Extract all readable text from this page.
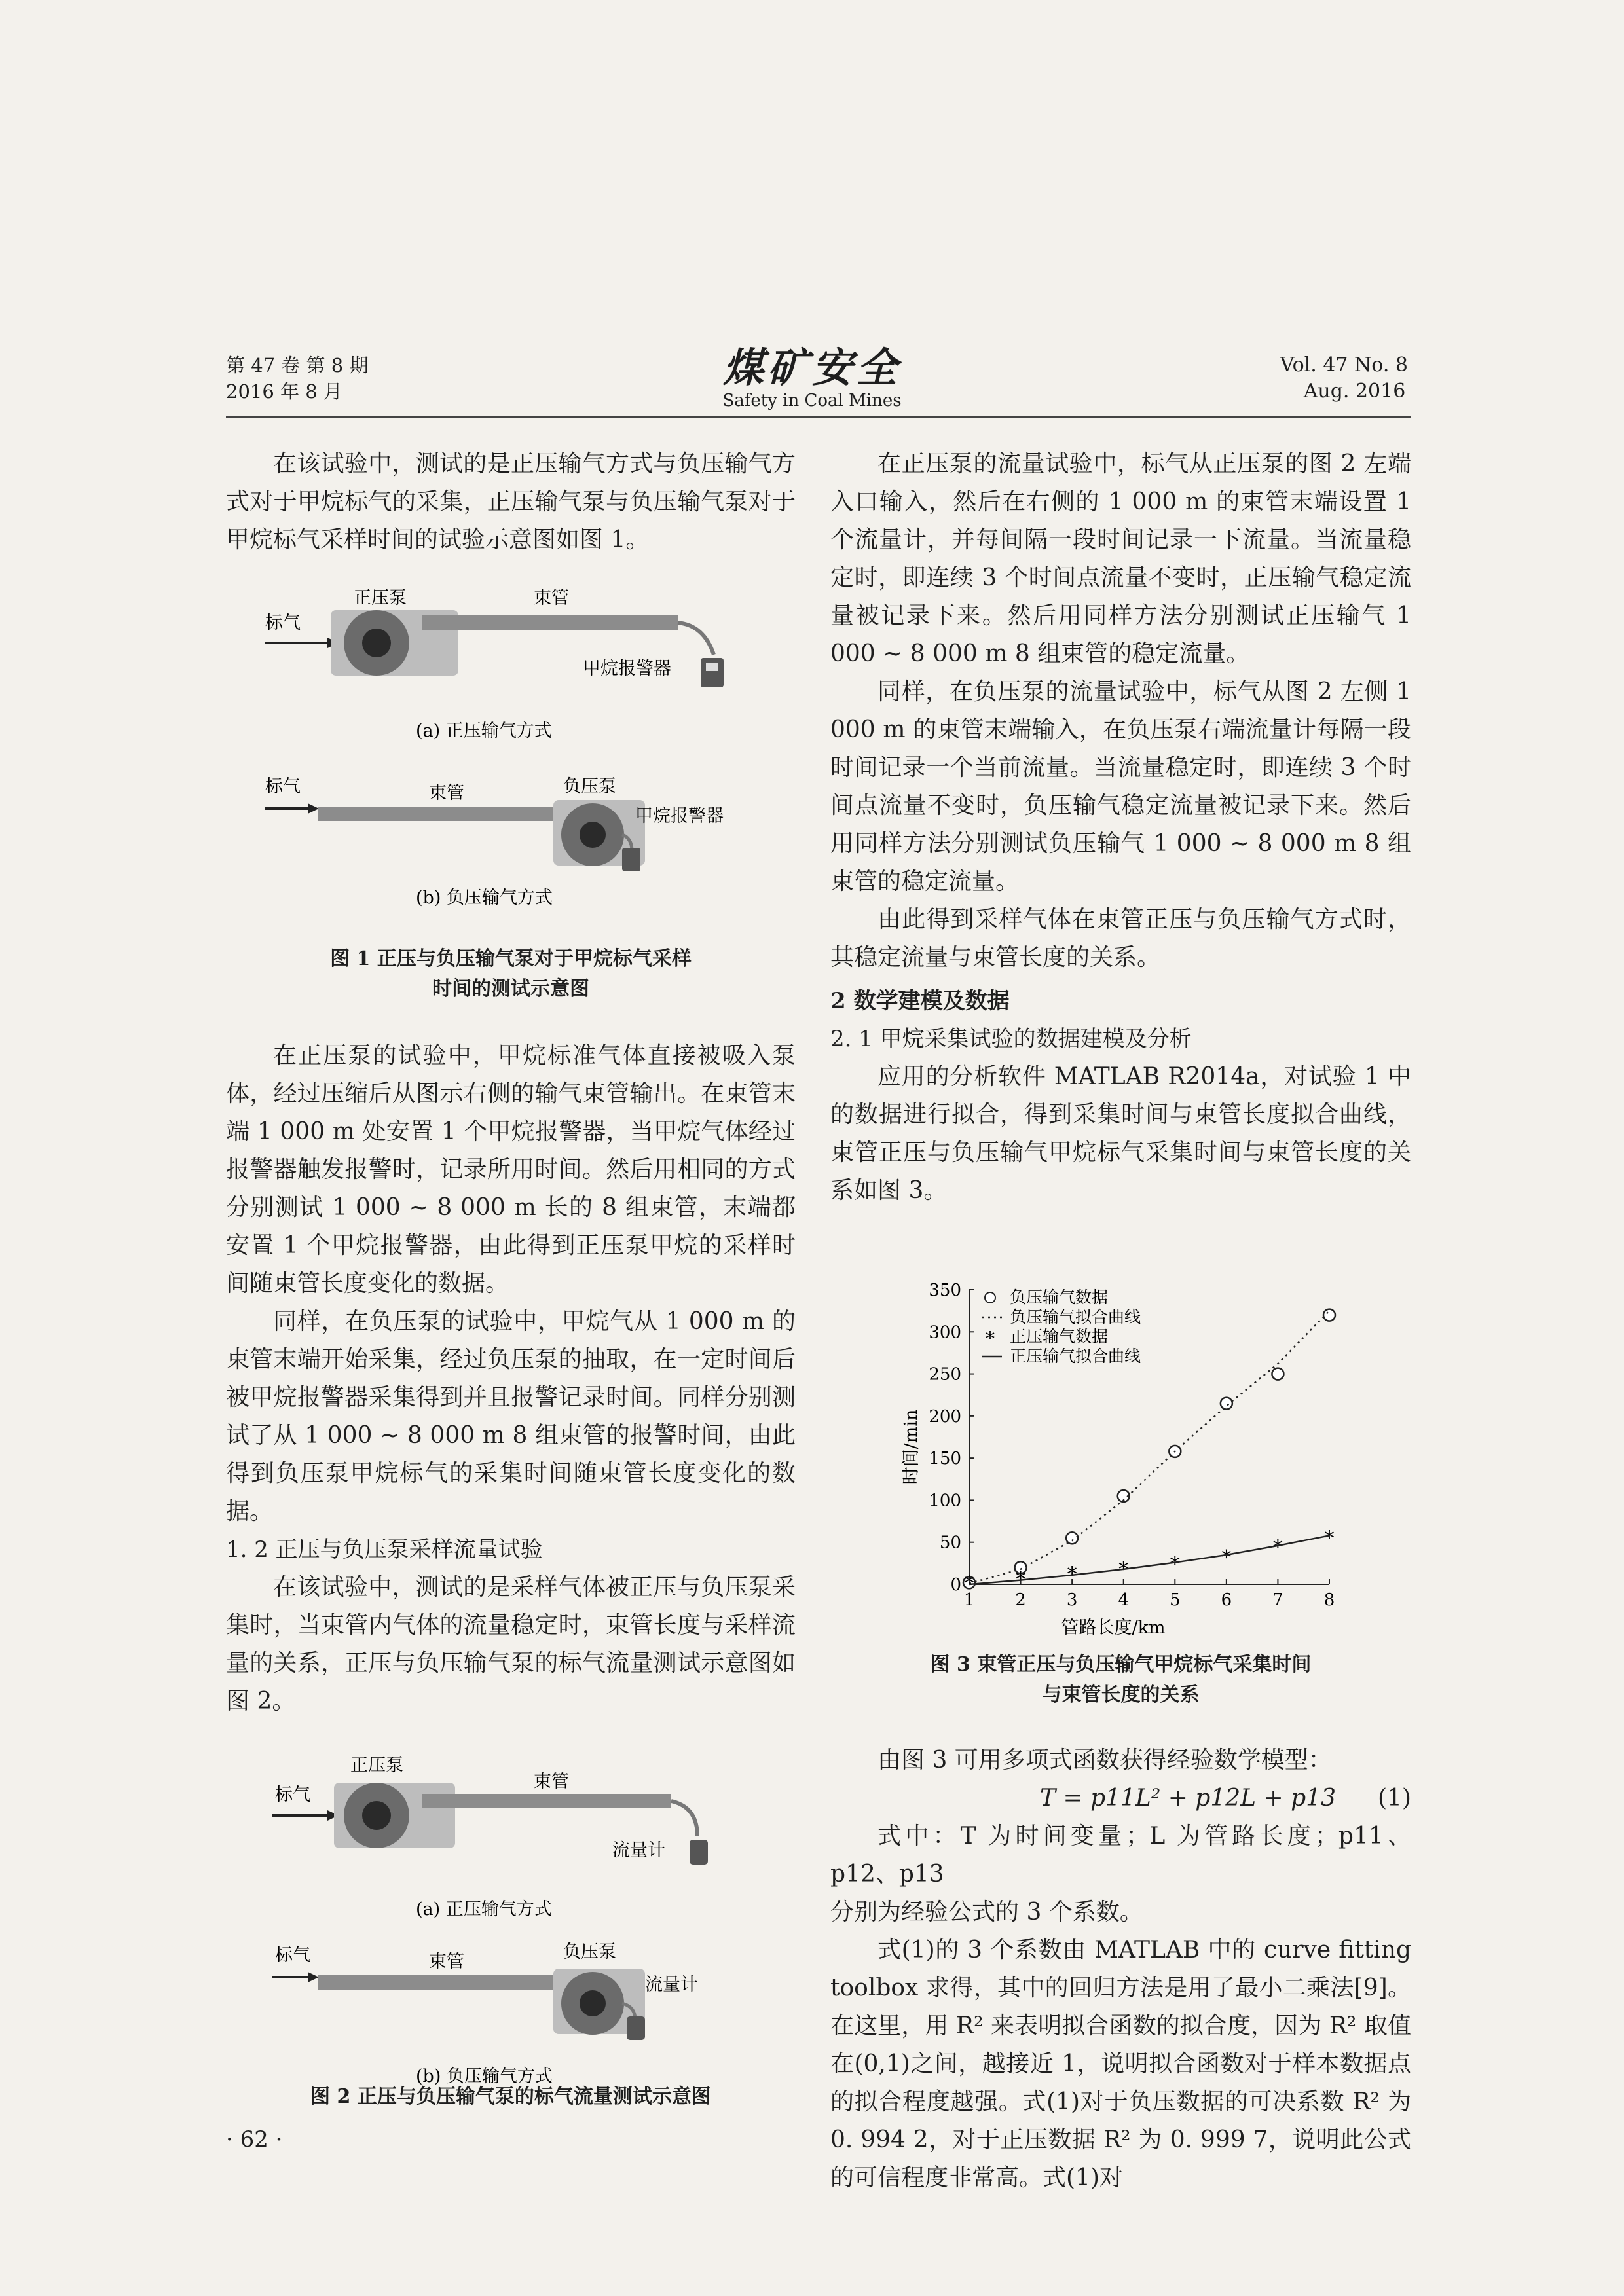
第 47 卷 第 8 期
2016 年 8 月	煤矿安全
Safety in Coal Mines
Vol. 47 No. 8
Aug. 2016

在该试验中，测试的是正压输气方式与负压输气方式对于甲烷标气的采集，正压输气泵与负压输气泵对于甲烷标气采样时间的试验示意图如图 1。

正压泵	束管
标气
甲烷报警器
(a) 正压输气方式
标气	束管	负压泵
甲烷报警器
(b) 负压输气方式
图 1 正压与负压输气泵对于甲烷标气采样
时间的测试示意图

在正压泵的试验中，甲烷标准气体直接被吸入泵体，经过压缩后从图示右侧的输气束管输出。在束管末端 1 000 m 处安置 1 个甲烷报警器，当甲烷气体经过报警器触发报警时，记录所用时间。然后用相同的方式分别测试 1 000 ~ 8 000 m 长的 8 组束管，末端都安置 1 个甲烷报警器，由此得到正压泵甲烷的采样时间随束管长度变化的数据。

同样，在负压泵的试验中，甲烷气从 1 000 m 的束管末端开始采集，经过负压泵的抽取，在一定时间后被甲烷报警器采集得到并且报警记录时间。同样分别测试了从 1 000 ~ 8 000 m 8 组束管的报警时间，由此得到负压泵甲烷标气的采集时间随束管长度变化的数据。

1. 2 正压与负压泵采样流量试验

在该试验中，测试的是采样气体被正压与负压泵采集时，当束管内气体的流量稳定时，束管长度与采样流量的关系，正压与负压输气泵的标气流量测试示意图如图 2。

正压泵
束管
标气
流量计
(a) 正压输气方式
标气	束管	负压泵
流量计
(b) 负压输气方式
图 2 正压与负压输气泵的标气流量测试示意图
· 62 ·

在正压泵的流量试验中，标气从正压泵的图 2 左端入口输入，然后在右侧的 1 000 m 的束管末端设置 1 个流量计，并每间隔一段时间记录一下流量。当流量稳定时，即连续 3 个时间点流量不变时，正压输气稳定流量被记录下来。然后用同样方法分别测试正压输气 1 000 ~ 8 000 m 8 组束管的稳定流量。

同样，在负压泵的流量试验中，标气从图 2 左侧 1 000 m 的束管末端输入，在负压泵右端流量计每隔一段时间记录一个当前流量。当流量稳定时，即连续 3 个时间点流量不变时，负压输气稳定流量被记录下来。然后用同样方法分别测试负压输气 1 000 ~ 8 000 m 8 组束管的稳定流量。

由此得到采样气体在束管正压与负压输气方式时，其稳定流量与束管长度的关系。

2 数学建模及数据
2. 1 甲烷采集试验的数据建模及分析

应用的分析软件 MATLAB R2014a，对试验 1 中的数据进行拟合，得到采集时间与束管长度拟合曲线，束管正压与负压输气甲烷标气采集时间与束管长度的关系如图 3。

时间/min
管路长度/km
1 2 3 4 5 6 7 8
0
50
100
150
200
250
300
350
* * * * * * * *
负压输气数据
负压输气拟合曲线
* 正压输气数据
正压输气拟合曲线
图 3 束管正压与负压输气甲烷标气采集时间
与束管长度的关系

由图 3 可用多项式函数获得经验数学模型：

T = p11L² + p12L + p13 (1)

式中：T 为时间变量；L 为管路长度；p11、p12、p13

分别为经验公式的 3 个系数。

式(1)的 3 个系数由 MATLAB 中的 curve fitting toolbox 求得，其中的回归方法是用了最小二乘法[9]。在这里，用 R² 来表明拟合函数的拟合度，因为 R² 取值在(0,1)之间，越接近 1，说明拟合函数对于样本数据点的拟合程度越强。式(1)对于负压数据的可决系数 R² 为 0. 994 2，对于正压数据 R² 为 0. 999 7，说明此公式的可信程度非常高。式(1)对
